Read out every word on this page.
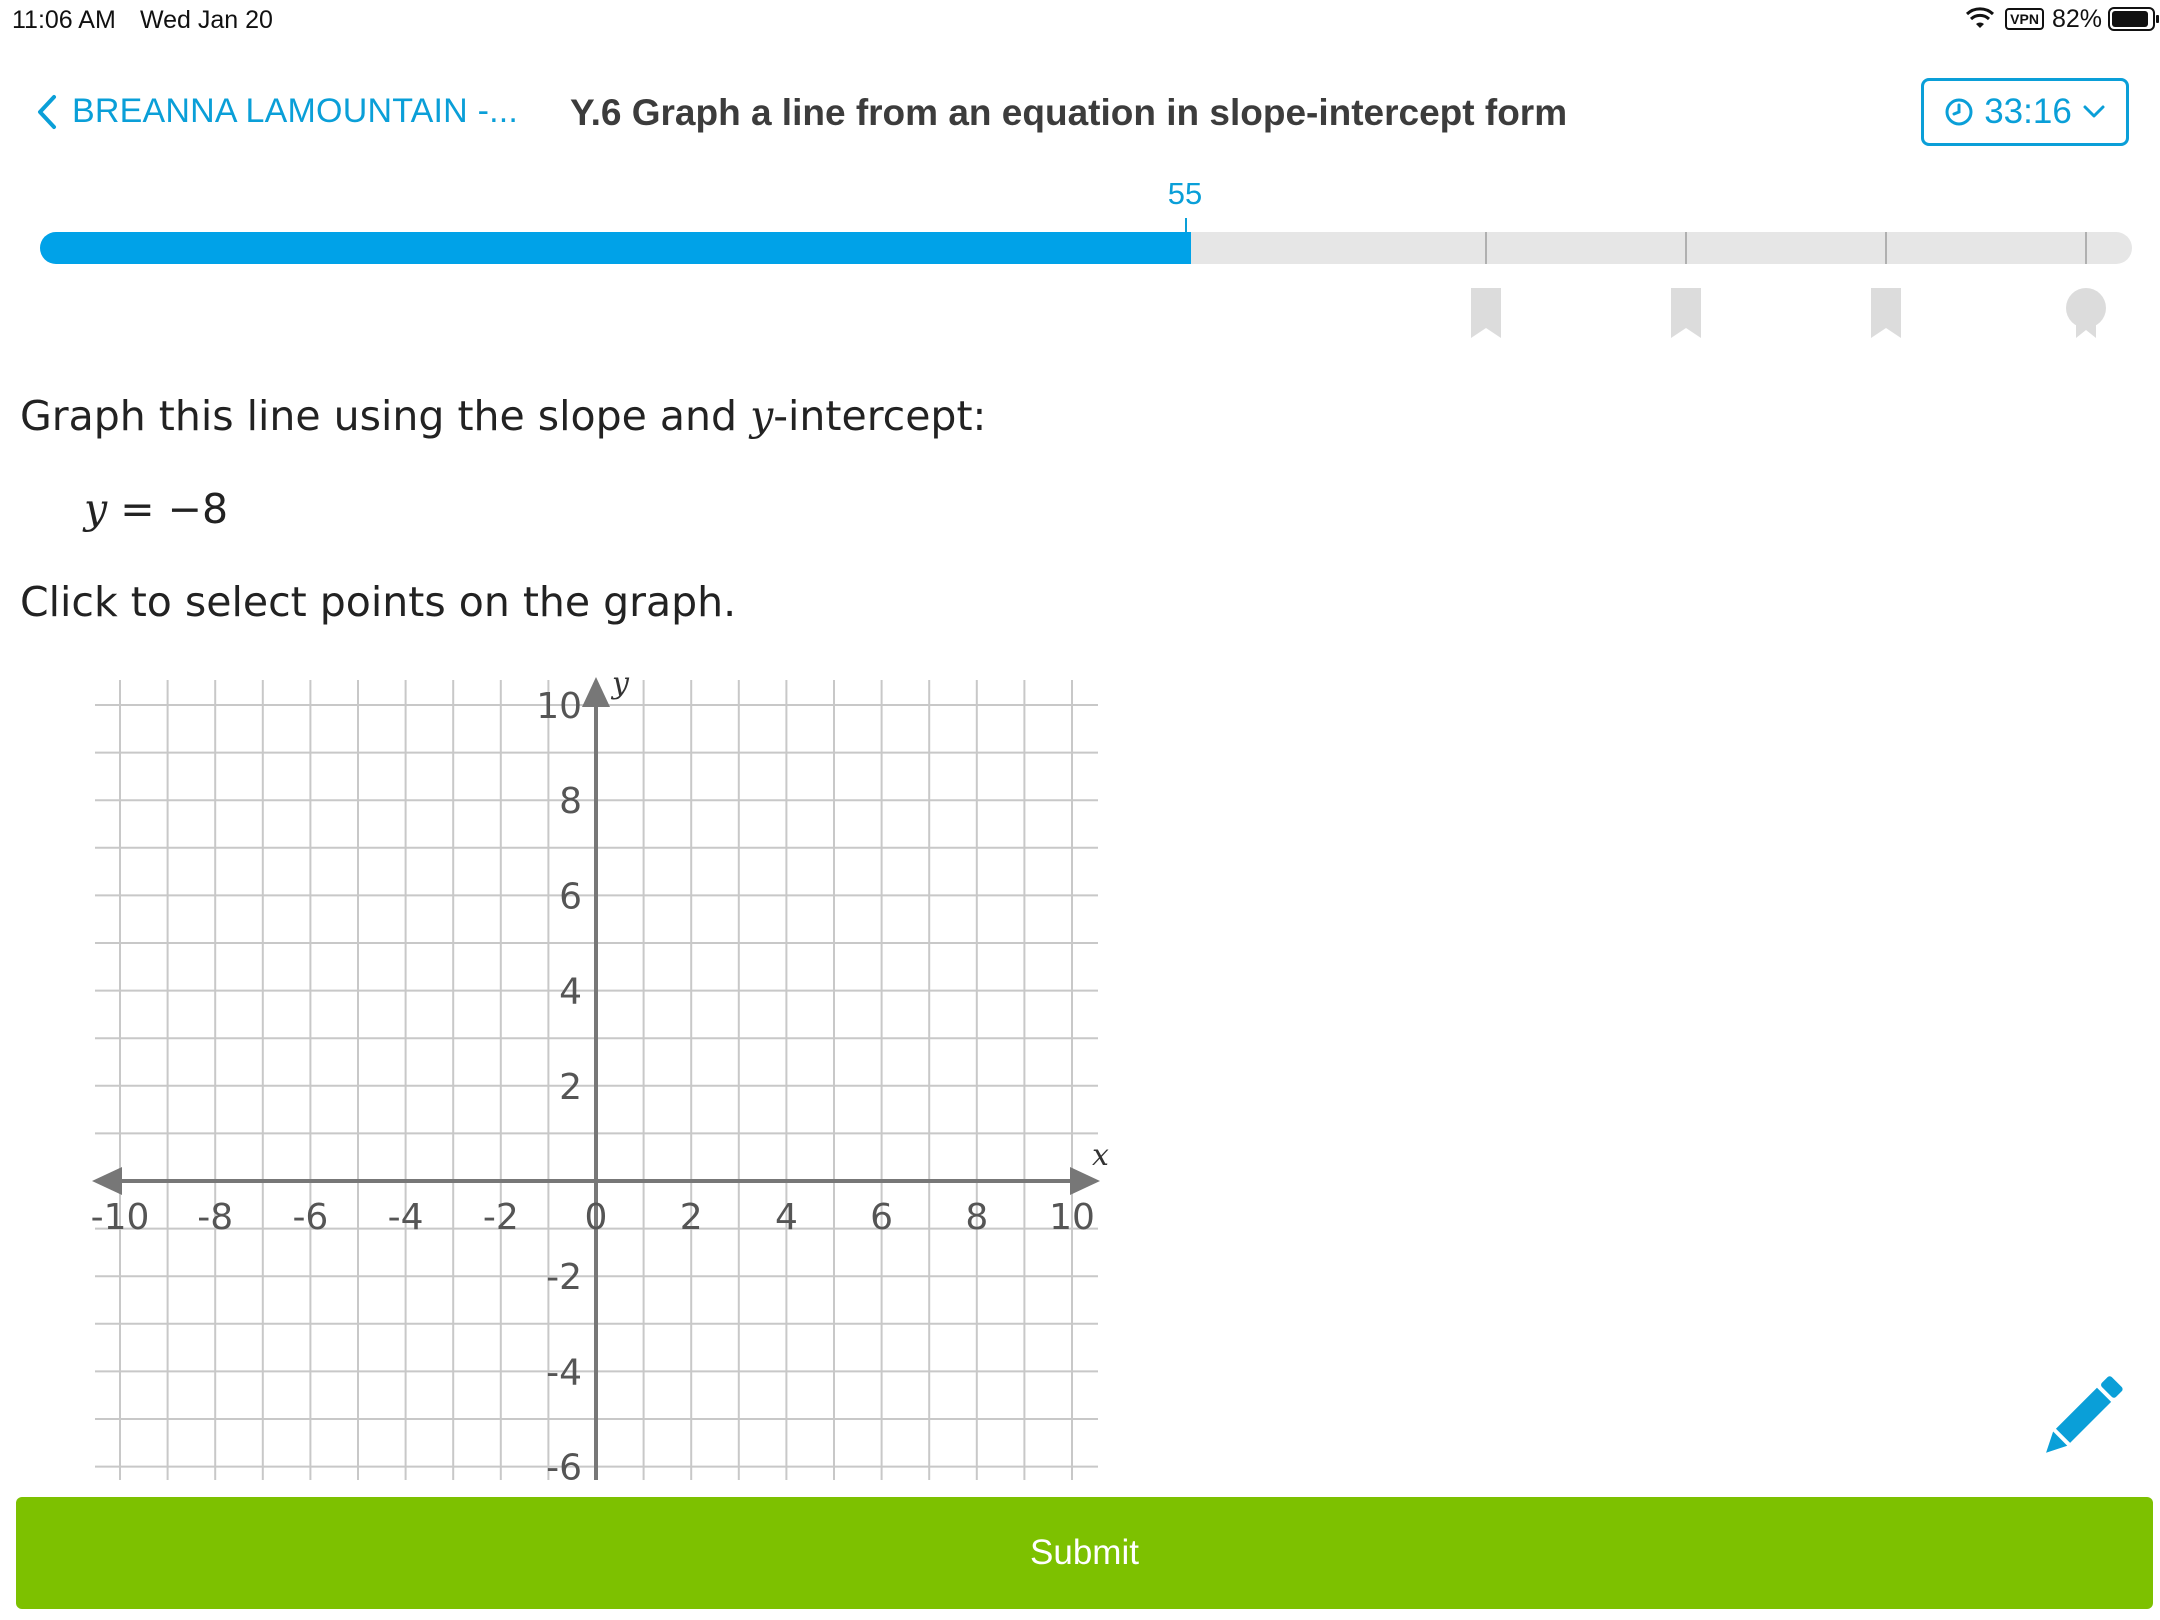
11:06 AM Wed Jan 20	VPN 82%
BREANNA LAMOUNTAIN -... Y.6 Graph a line from an equation in slope-intercept form	33:16
55
Graph this line using the slope and y-intercept:
y = −8
Click to select points on the graph.
x
y
-10 -8 -6 -4 -2 0 2 4 6 8 10
10
8
6
4
2
-2
-4
-6
Submit
